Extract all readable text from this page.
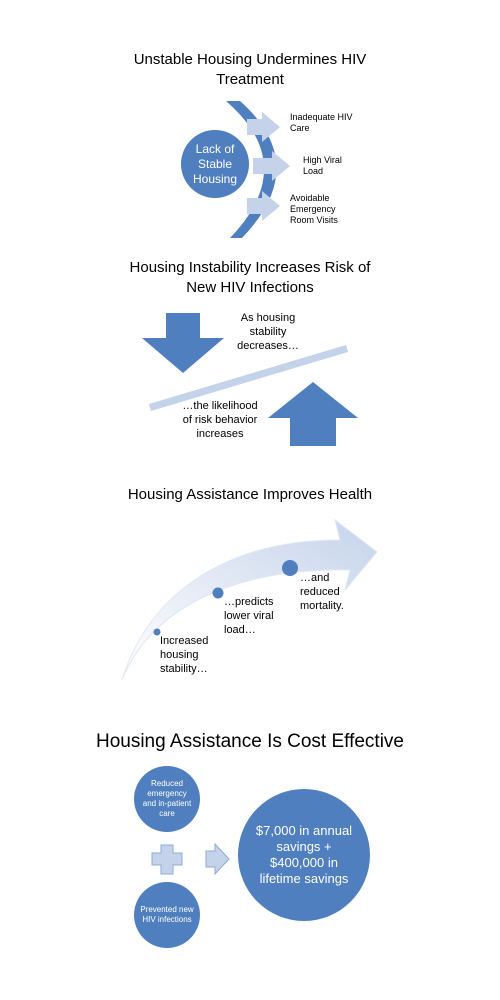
Unstable Housing Undermines HIV
Treatment
Lack of Stable Housing
Inadequate HIV Care
High Viral Load
Avoidable Emergency Room Visits
Housing Instability Increases Risk of
New HIV Infections
As housing stability decreases…
…the likelihood of risk behavior increases
Housing Assistance Improves Health
Increased housing stability…
…predicts lower viral load…
…and reduced mortality.
Housing Assistance Is Cost Effective
Reduced emergency and in-patient care
Prevented new HIV infections
$7,000 in annual savings + $400,000 in lifetime savings
